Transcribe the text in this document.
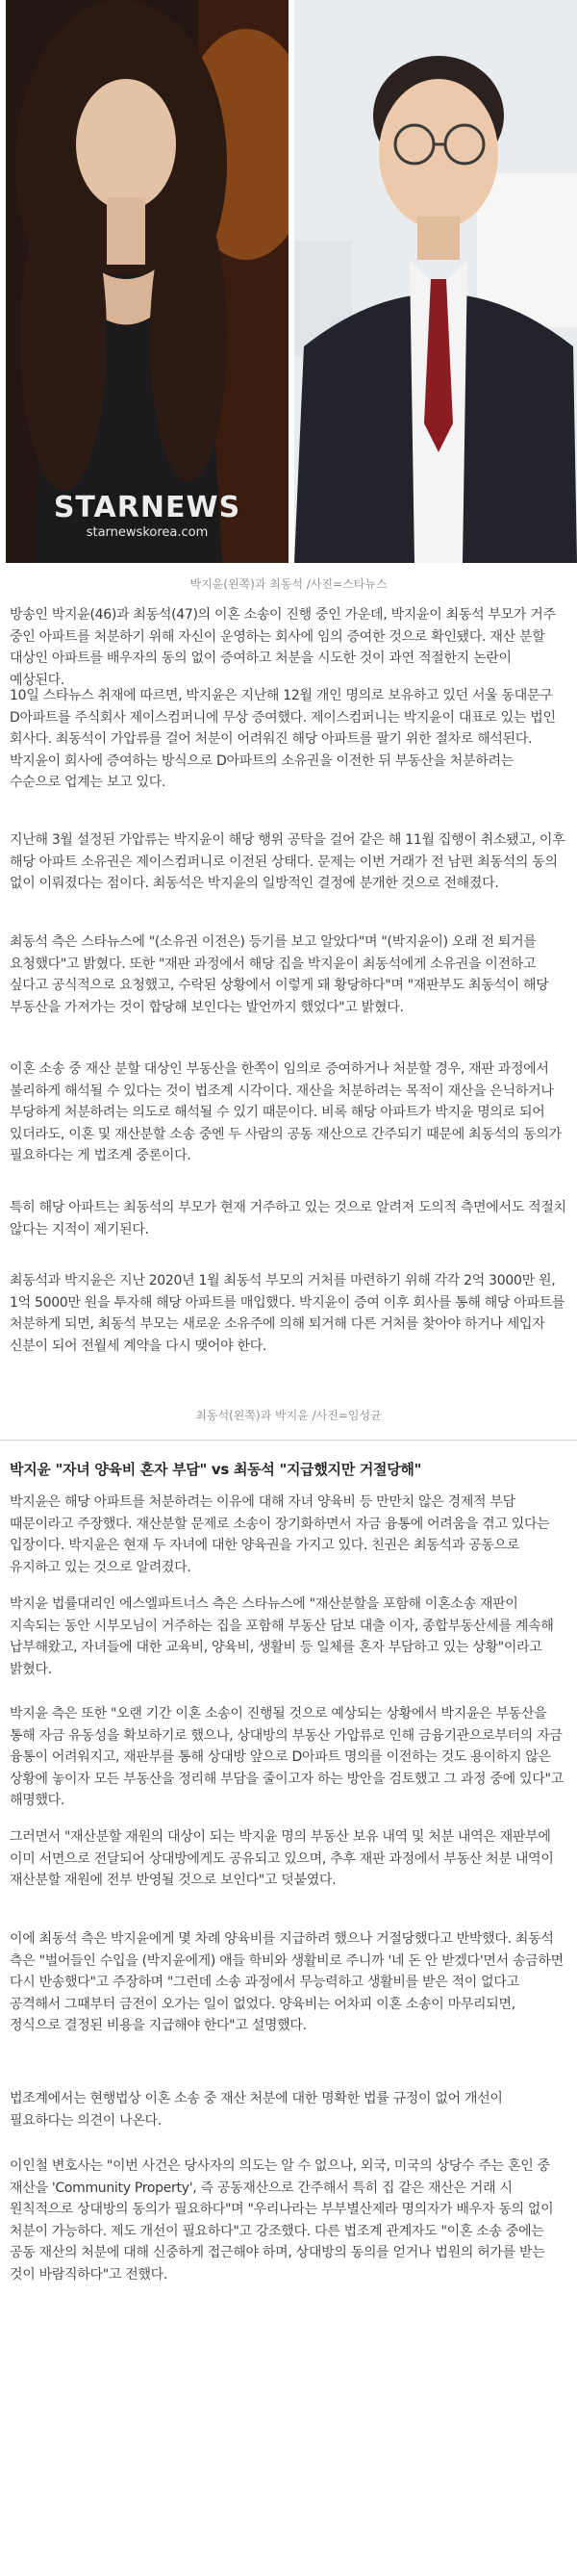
STARNEWS
starnewskorea.com
박지윤(왼쪽)과 최동석 /사진=스타뉴스

방송인 박지윤(46)과 최동석(47)의 이혼 소송이 진행 중인 가운데, 박지윤이 최동석 부모가 거주 중인 아파트를 처분하기 위해 자신이 운영하는 회사에 임의 증여한 것으로 확인됐다. 재산 분할 대상인 아파트를 배우자의 동의 없이 증여하고 처분을 시도한 것이 과연 적절한지 논란이 예상된다.

10일 스타뉴스 취재에 따르면, 박지윤은 지난해 12월 개인 명의로 보유하고 있던 서울 동대문구 D아파트를 주식회사 제이스컴퍼니에 무상 증여했다. 제이스컴퍼니는 박지윤이 대표로 있는 법인 회사다. 최동석이 가압류를 걸어 처분이 어려워진 해당 아파트를 팔기 위한 절차로 해석된다. 박지윤이 회사에 증여하는 방식으로 D아파트의 소유권을 이전한 뒤 부동산을 처분하려는 수순으로 업계는 보고 있다.

지난해 3월 설정된 가압류는 박지윤이 해당 행위 공탁을 걸어 같은 해 11월 집행이 취소됐고, 이후 해당 아파트 소유권은 제이스컴퍼니로 이전된 상태다. 문제는 이번 거래가 전 남편 최동석의 동의 없이 이뤄졌다는 점이다. 최동석은 박지윤의 일방적인 결정에 분개한 것으로 전해졌다.

최동석 측은 스타뉴스에 "(소유권 이전은) 등기를 보고 알았다"며 "(박지윤이) 오래 전 퇴거를 요청했다"고 밝혔다. 또한 "재판 과정에서 해당 집을 박지윤이 최동석에게 소유권을 이전하고 싶다고 공식적으로 요청했고, 수락된 상황에서 이렇게 돼 황당하다"며 "재판부도 최동석이 해당 부동산을 가져가는 것이 합당해 보인다는 발언까지 했었다"고 밝혔다.

이혼 소송 중 재산 분할 대상인 부동산을 한쪽이 임의로 증여하거나 처분할 경우, 재판 과정에서 불리하게 해석될 수 있다는 것이 법조계 시각이다. 재산을 처분하려는 목적이 재산을 은닉하거나 부당하게 처분하려는 의도로 해석될 수 있기 때문이다. 비록 해당 아파트가 박지윤 명의로 되어 있더라도, 이혼 및 재산분할 소송 중엔 두 사람의 공동 재산으로 간주되기 때문에 최동석의 동의가 필요하다는 게 법조계 중론이다.

특히 해당 아파트는 최동석의 부모가 현재 거주하고 있는 것으로 알려져 도의적 측면에서도 적절치 않다는 지적이 제기된다.

최동석과 박지윤은 지난 2020년 1월 최동석 부모의 거처를 마련하기 위해 각각 2억 3000만 원, 1억 5000만 원을 투자해 해당 아파트를 매입했다. 박지윤이 증여 이후 회사를 통해 해당 아파트를 처분하게 되면, 최동석 부모는 새로운 소유주에 의해 퇴거해 다른 거처를 찾아야 하거나 세입자 신분이 되어 전월세 계약을 다시 맺어야 한다.

최동석(왼쪽)과 박지윤 /사진=임성균
박지윤 "자녀 양육비 혼자 부담" vs 최동석 "지급했지만 거절당해"

박지윤은 해당 아파트를 처분하려는 이유에 대해 자녀 양육비 등 만만치 않은 경제적 부담 때문이라고 주장했다. 재산분할 문제로 소송이 장기화하면서 자금 융통에 어려움을 겪고 있다는 입장이다. 박지윤은 현재 두 자녀에 대한 양육권을 가지고 있다. 친권은 최동석과 공동으로 유지하고 있는 것으로 알려졌다.

박지윤 법률대리인 에스엘파트너스 측은 스타뉴스에 "재산분할을 포함해 이혼소송 재판이 지속되는 동안 시부모님이 거주하는 집을 포함해 부동산 담보 대출 이자, 종합부동산세를 계속해 납부해왔고, 자녀들에 대한 교육비, 양육비, 생활비 등 일체를 혼자 부담하고 있는 상황"이라고 밝혔다.

박지윤 측은 또한 "오랜 기간 이혼 소송이 진행될 것으로 예상되는 상황에서 박지윤은 부동산을 통해 자금 유동성을 확보하기로 했으나, 상대방의 부동산 가압류로 인해 금융기관으로부터의 자금 융통이 어려워지고, 재판부를 통해 상대방 앞으로 D아파트 명의를 이전하는 것도 용이하지 않은 상황에 놓이자 모든 부동산을 정리해 부담을 줄이고자 하는 방안을 검토했고 그 과정 중에 있다"고 해명했다.

그러면서 "재산분할 재원의 대상이 되는 박지윤 명의 부동산 보유 내역 및 처분 내역은 재판부에 이미 서면으로 전달되어 상대방에게도 공유되고 있으며, 추후 재판 과정에서 부동산 처분 내역이 재산분할 재원에 전부 반영될 것으로 보인다"고 덧붙였다.

이에 최동석 측은 박지윤에게 몇 차례 양육비를 지급하려 했으나 거절당했다고 반박했다. 최동석 측은 "벌어들인 수입을 (박지윤에게) 애들 학비와 생활비로 주니까 '네 돈 안 받겠다'면서 송금하면 다시 반송했다"고 주장하며 "그런데 소송 과정에서 무능력하고 생활비를 받은 적이 없다고 공격해서 그때부터 금전이 오가는 일이 없었다. 양육비는 어차피 이혼 소송이 마무리되면, 정식으로 결정된 비용을 지급해야 한다"고 설명했다.

법조계에서는 현행법상 이혼 소송 중 재산 처분에 대한 명확한 법률 규정이 없어 개선이 필요하다는 의견이 나온다.

이인철 변호사는 "이번 사건은 당사자의 의도는 알 수 없으나, 외국, 미국의 상당수 주는 혼인 중 재산을 'Community Property', 즉 공동재산으로 간주해서 특히 집 같은 재산은 거래 시 원칙적으로 상대방의 동의가 필요하다"며 "우리나라는 부부별산제라 명의자가 배우자 동의 없이 처분이 가능하다. 제도 개선이 필요하다"고 강조했다. 다른 법조계 관계자도 "이혼 소송 중에는 공동 재산의 처분에 대해 신중하게 접근해야 하며, 상대방의 동의를 얻거나 법원의 허가를 받는 것이 바람직하다"고 전했다.
